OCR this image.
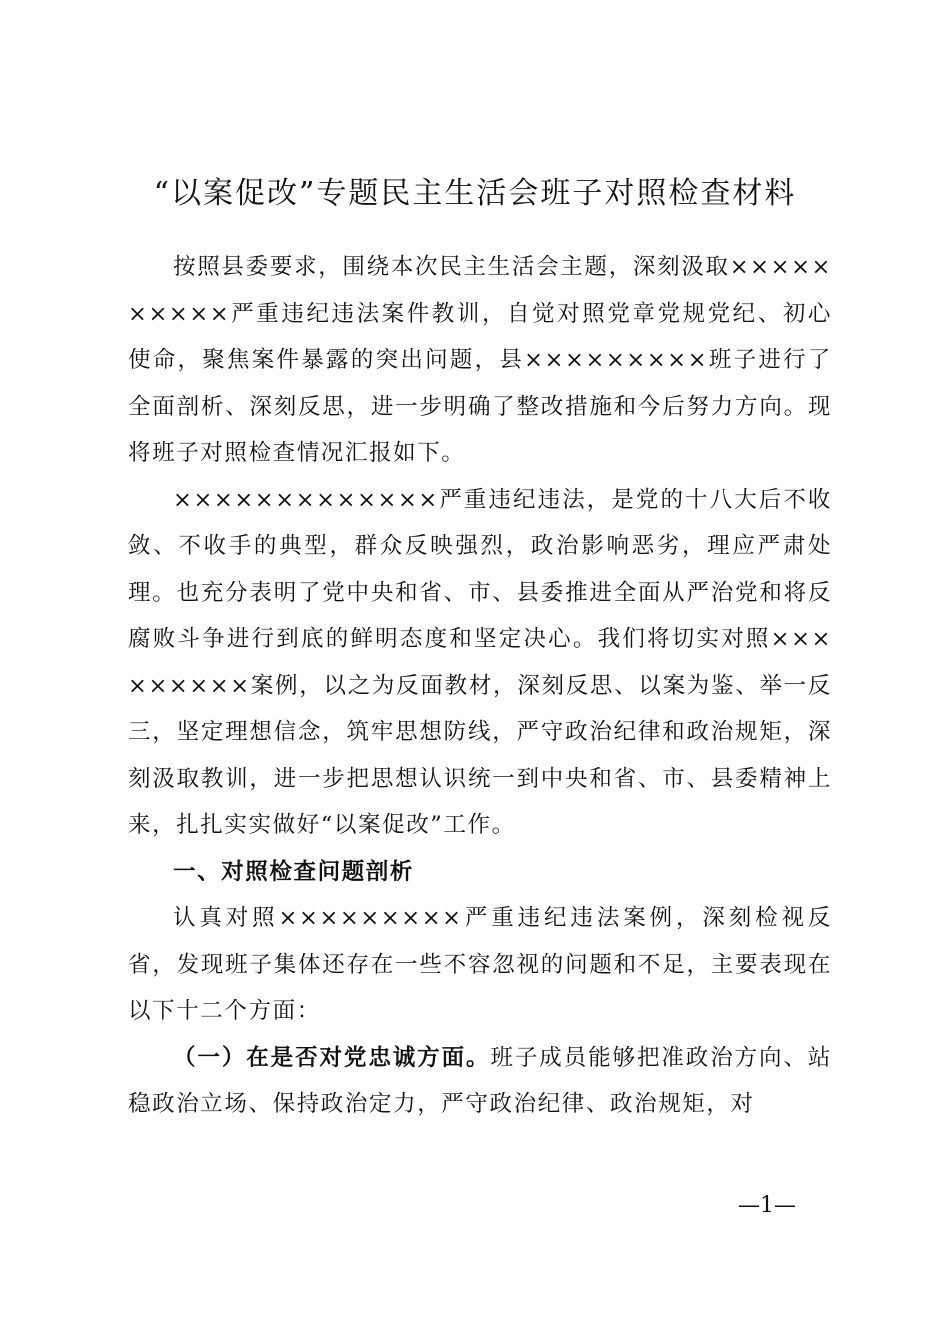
“以案促改”专题民主生活会班子对照检查材料

按照县委要求，围绕本次民主生活会主题，深刻汲取××××××××××严重违纪违法案件教训，自觉对照党章党规党纪、初心使命，聚焦案件暴露的突出问题，县×××××××××班子进行了全面剖析、深刻反思，进一步明确了整改措施和今后努力方向。现将班子对照检查情况汇报如下。

×××××××××××××严重违纪违法，是党的十八大后不收敛、不收手的典型，群众反映强烈，政治影响恶劣，理应严肃处理。也充分表明了党中央和省、市、县委推进全面从严治党和将反腐败斗争进行到底的鲜明态度和坚定决心。我们将切实对照×××××××××案例，以之为反面教材，深刻反思、以案为鉴、举一反三，坚定理想信念，筑牢思想防线，严守政治纪律和政治规矩，深刻汲取教训，进一步把思想认识统一到中央和省、市、县委精神上来，扎扎实实做好“以案促改”工作。

一、对照检查问题剖析

认真对照×××××××××严重违纪违法案例，深刻检视反省，发现班子集体还存在一些不容忽视的问题和不足，主要表现在以下十二个方面：

（一）在是否对党忠诚方面。班子成员能够把准政治方向、站稳政治立场、保持政治定力，严守政治纪律、政治规矩，对

—1—
